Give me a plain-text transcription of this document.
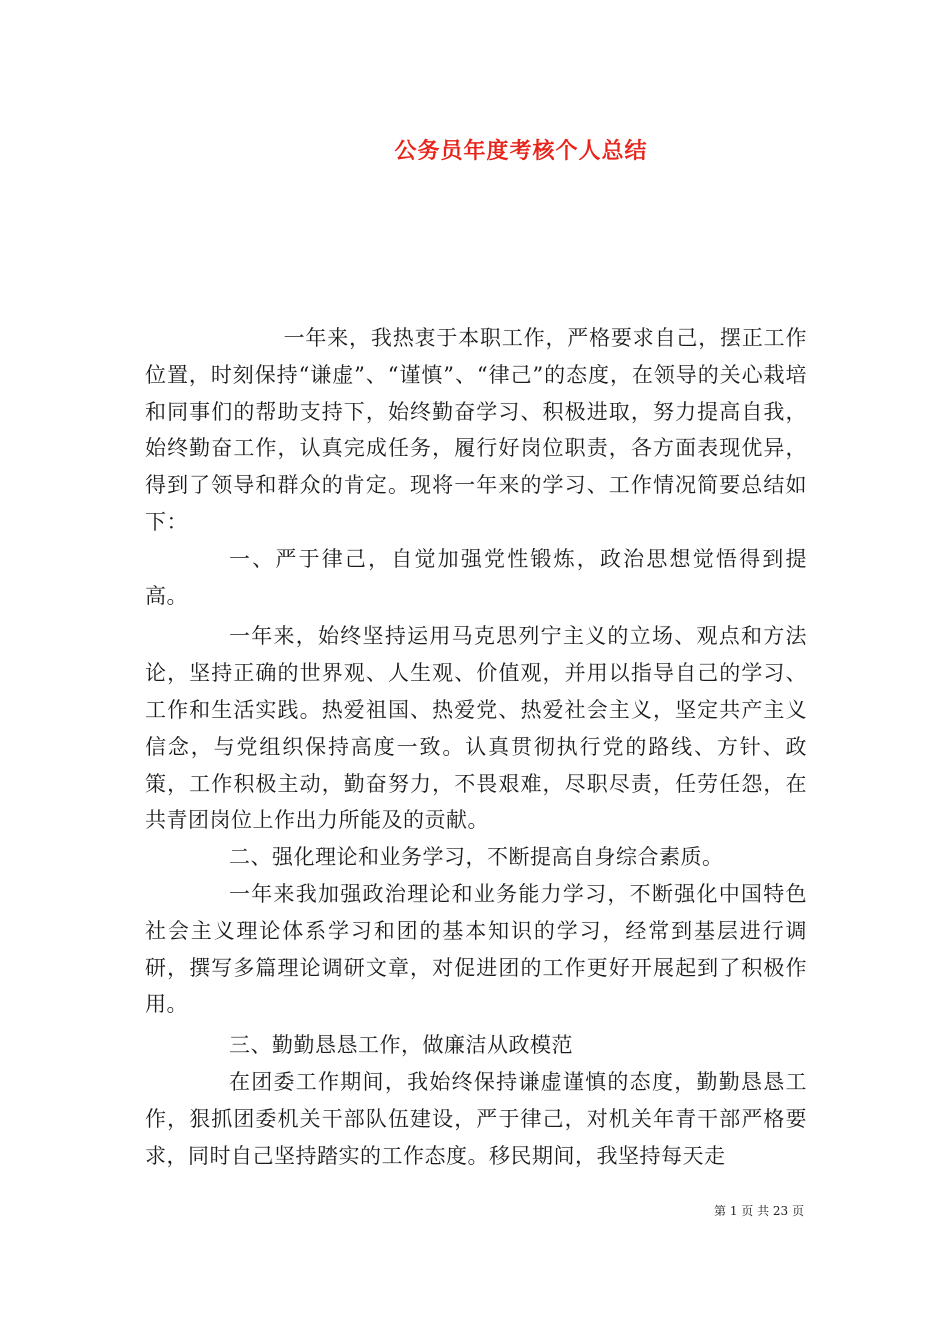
公务员年度考核个人总结

一年来，我热衷于本职工作，严格要求自己，摆正工作位置，时刻保持“谦虚”、“谨慎”、“律己”的态度，在领导的关心栽培和同事们的帮助支持下，始终勤奋学习、积极进取，努力提高自我，始终勤奋工作，认真完成任务，履行好岗位职责，各方面表现优异，得到了领导和群众的肯定。现将一年来的学习、工作情况简要总结如下：

一、严于律己，自觉加强党性锻炼，政治思想觉悟得到提高。

一年来，始终坚持运用马克思列宁主义的立场、观点和方法论，坚持正确的世界观、人生观、价值观，并用以指导自己的学习、工作和生活实践。热爱祖国、热爱党、热爱社会主义，坚定共产主义信念，与党组织保持高度一致。认真贯彻执行党的路线、方针、政策，工作积极主动，勤奋努力，不畏艰难，尽职尽责，任劳任怨，在共青团岗位上作出力所能及的贡献。

二、强化理论和业务学习，不断提高自身综合素质。

一年来我加强政治理论和业务能力学习，不断强化中国特色社会主义理论体系学习和团的基本知识的学习，经常到基层进行调研，撰写多篇理论调研文章，对促进团的工作更好开展起到了积极作用。

三、勤勤恳恳工作，做廉洁从政模范

在团委工作期间，我始终保持谦虚谨慎的态度，勤勤恳恳工作，狠抓团委机关干部队伍建设，严于律己，对机关年青干部严格要求，同时自己坚持踏实的工作态度。移民期间，我坚持每天走

第 1 页 共 23 页
